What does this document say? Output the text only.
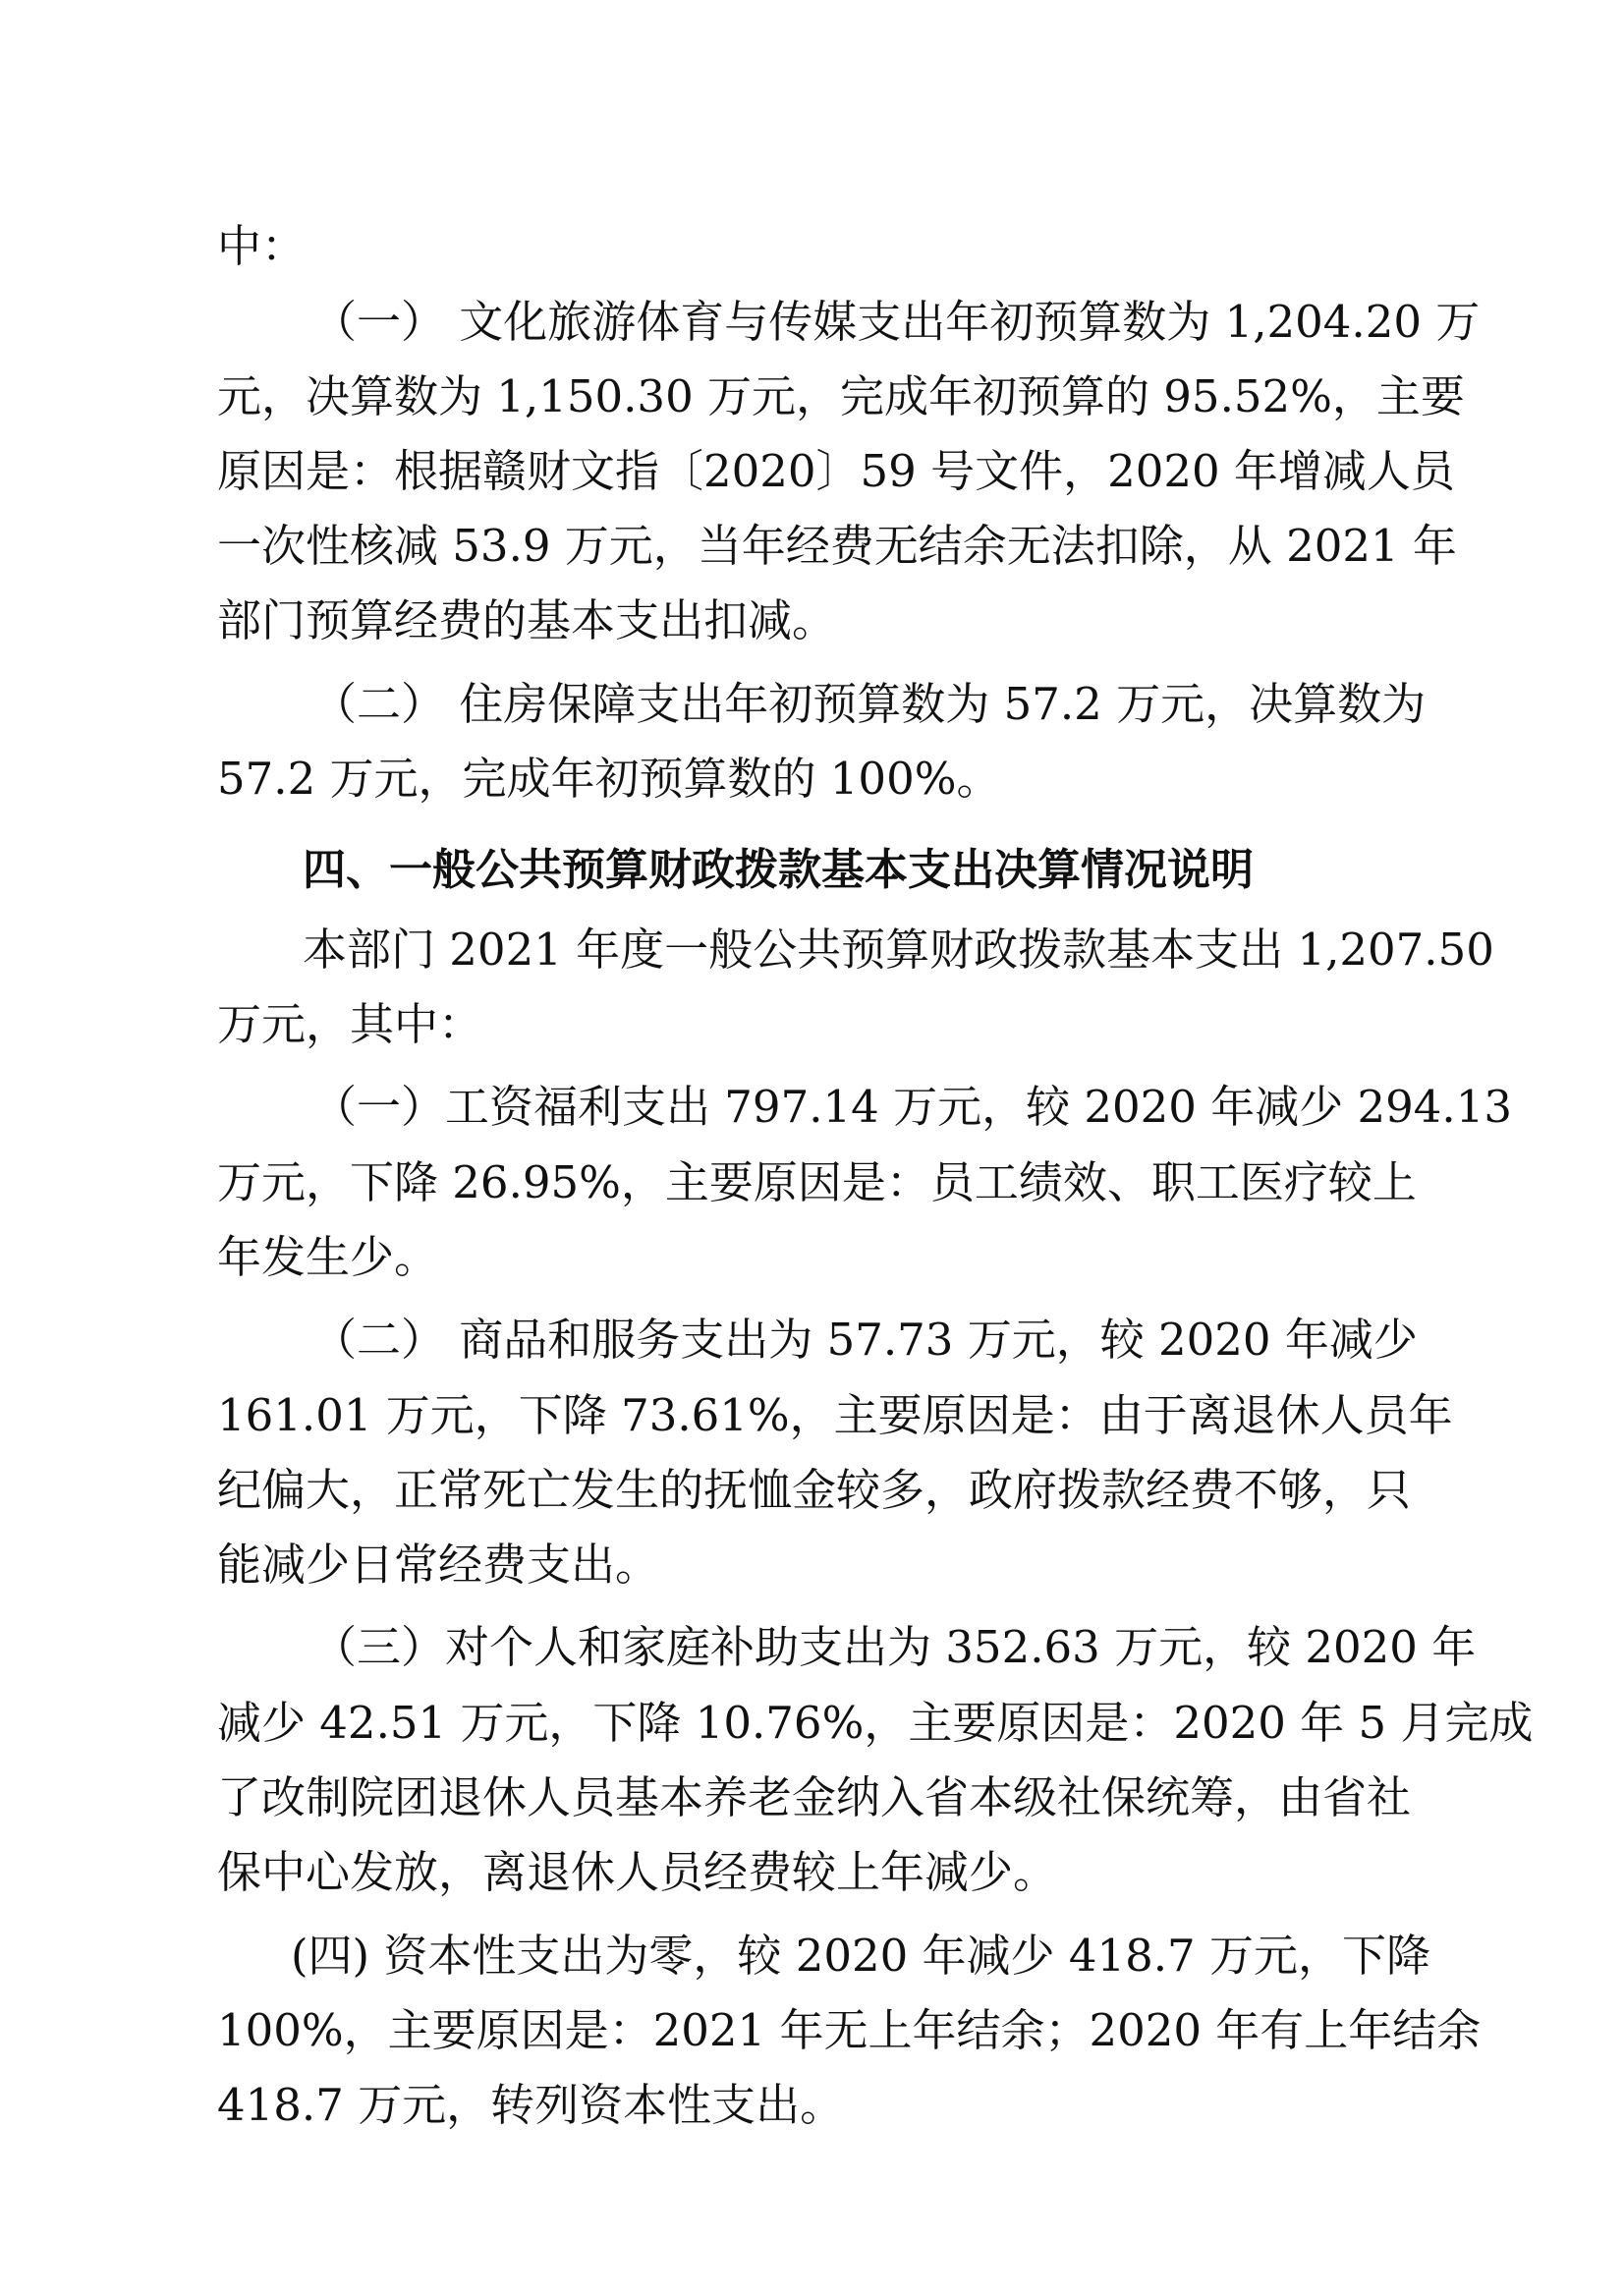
中：
（一） 文化旅游体育与传媒支出年初预算数为 1,204.20 万
元，决算数为 1,150.30 万元，完成年初预算的 95.52%，主要
原因是：根据赣财文指〔2020〕59 号文件，2020 年增减人员
一次性核减 53.9 万元，当年经费无结余无法扣除，从 2021 年
部门预算经费的基本支出扣减。
（二） 住房保障支出年初预算数为 57.2 万元，决算数为
57.2 万元，完成年初预算数的 100%。
四、一般公共预算财政拨款基本支出决算情况说明
本部门 2021 年度一般公共预算财政拨款基本支出 1,207.50
万元，其中：
（一）工资福利支出 797.14 万元，较 2020 年减少 294.13
万元，下降 26.95%，主要原因是：员工绩效、职工医疗较上
年发生少。
（二） 商品和服务支出为 57.73 万元，较 2020 年减少
161.01 万元，下降 73.61%，主要原因是：由于离退休人员年
纪偏大，正常死亡发生的抚恤金较多，政府拨款经费不够，只
能减少日常经费支出。
（三）对个人和家庭补助支出为 352.63 万元，较 2020 年
减少 42.51 万元，下降 10.76%，主要原因是：2020 年 5 月完成
了改制院团退休人员基本养老金纳入省本级社保统筹，由省社
保中心发放，离退休人员经费较上年减少。
(四) 资本性支出为零，较 2020 年减少 418.7 万元，下降
100%，主要原因是：2021 年无上年结余；2020 年有上年结余
418.7 万元，转列资本性支出。
